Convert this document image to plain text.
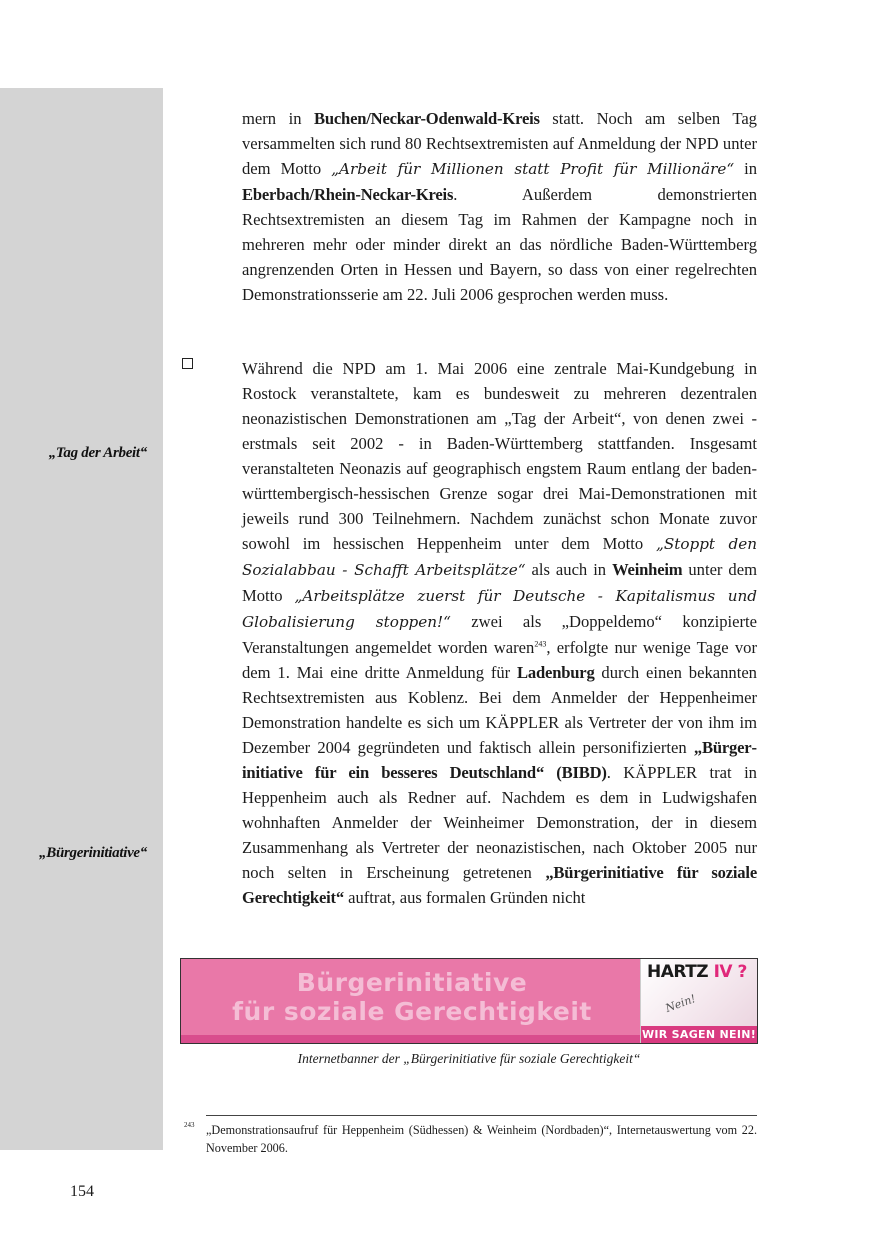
„Tag der Arbeit“
„Bürgerinitiative“

mern in Buchen/Neckar-Odenwald-Kreis statt. Noch am selben Tag versammelten sich rund 80 Rechtsextremisten auf Anmeldung der NPD unter dem Motto „Arbeit für Millionen statt Profit für Millionäre“ in Eberbach/Rhein-Neckar-Kreis. Außerdem demonstrierten Rechtsextremisten an diesem Tag im Rahmen der Kampagne noch in mehreren mehr oder minder direkt an das nördliche Baden-Württemberg angrenzenden Orten in Hessen und Bayern, so dass von einer regelrechten Demonstrationsserie am 22. Juli 2006 gesprochen werden muss.

Während die NPD am 1. Mai 2006 eine zentrale Mai-Kundgebung in Rostock veranstaltete, kam es bundesweit zu mehreren dezentralen neonazistischen Demonstrationen am „Tag der Arbeit“, von denen zwei - erstmals seit 2002 - in Baden-Württemberg stattfanden. Insgesamt veranstalteten Neonazis auf geographisch engstem Raum entlang der baden-württembergisch-hessischen Grenze sogar drei Mai-Demonstrationen mit jeweils rund 300 Teilnehmern. Nachdem zunächst schon Monate zuvor sowohl im hessischen Heppenheim unter dem Motto „Stoppt den Sozialabbau - Schafft Arbeitsplätze“ als auch in Weinheim unter dem Motto „Arbeitsplätze zuerst für Deutsche - Kapitalismus und Globalisierung stoppen!“ zwei als „Doppeldemo“ konzipierte Veranstaltungen angemeldet worden waren$^{243}$, erfolgte nur wenige Tage vor dem 1. Mai eine dritte Anmeldung für Ladenburg durch einen bekannten Rechtsextremisten aus Koblenz. Bei dem Anmelder der Heppenheimer Demonstration handelte es sich um KÄPPLER als Vertreter der von ihm im Dezember 2004 gegründeten und faktisch allein personifizierten „Bürgerinitiative für ein besseres Deutschland“ (BIBD). KÄPPLER trat in Heppenheim auch als Redner auf. Nachdem es dem in Ludwigshafen wohnhaften Anmelder der Weinheimer Demonstration, der in diesem Zusammenhang als Vertreter der neonazistischen, nach Oktober 2005 nur noch selten in Erscheinung getretenen „Bürgerinitiative für soziale Gerechtigkeit“ auftrat, aus formalen Gründen nicht

Bürgerinitiative
für soziale Gerechtigkeit
HARTZ IV ?
Nein!
WIR SAGEN NEIN!
Internetbanner der „Bürgerinitiative für soziale Gerechtigkeit“
243 „Demonstrationsaufruf für Heppenheim (Südhessen) & Weinheim (Nordbaden)“, Internetauswertung vom 22. November 2006.
154
